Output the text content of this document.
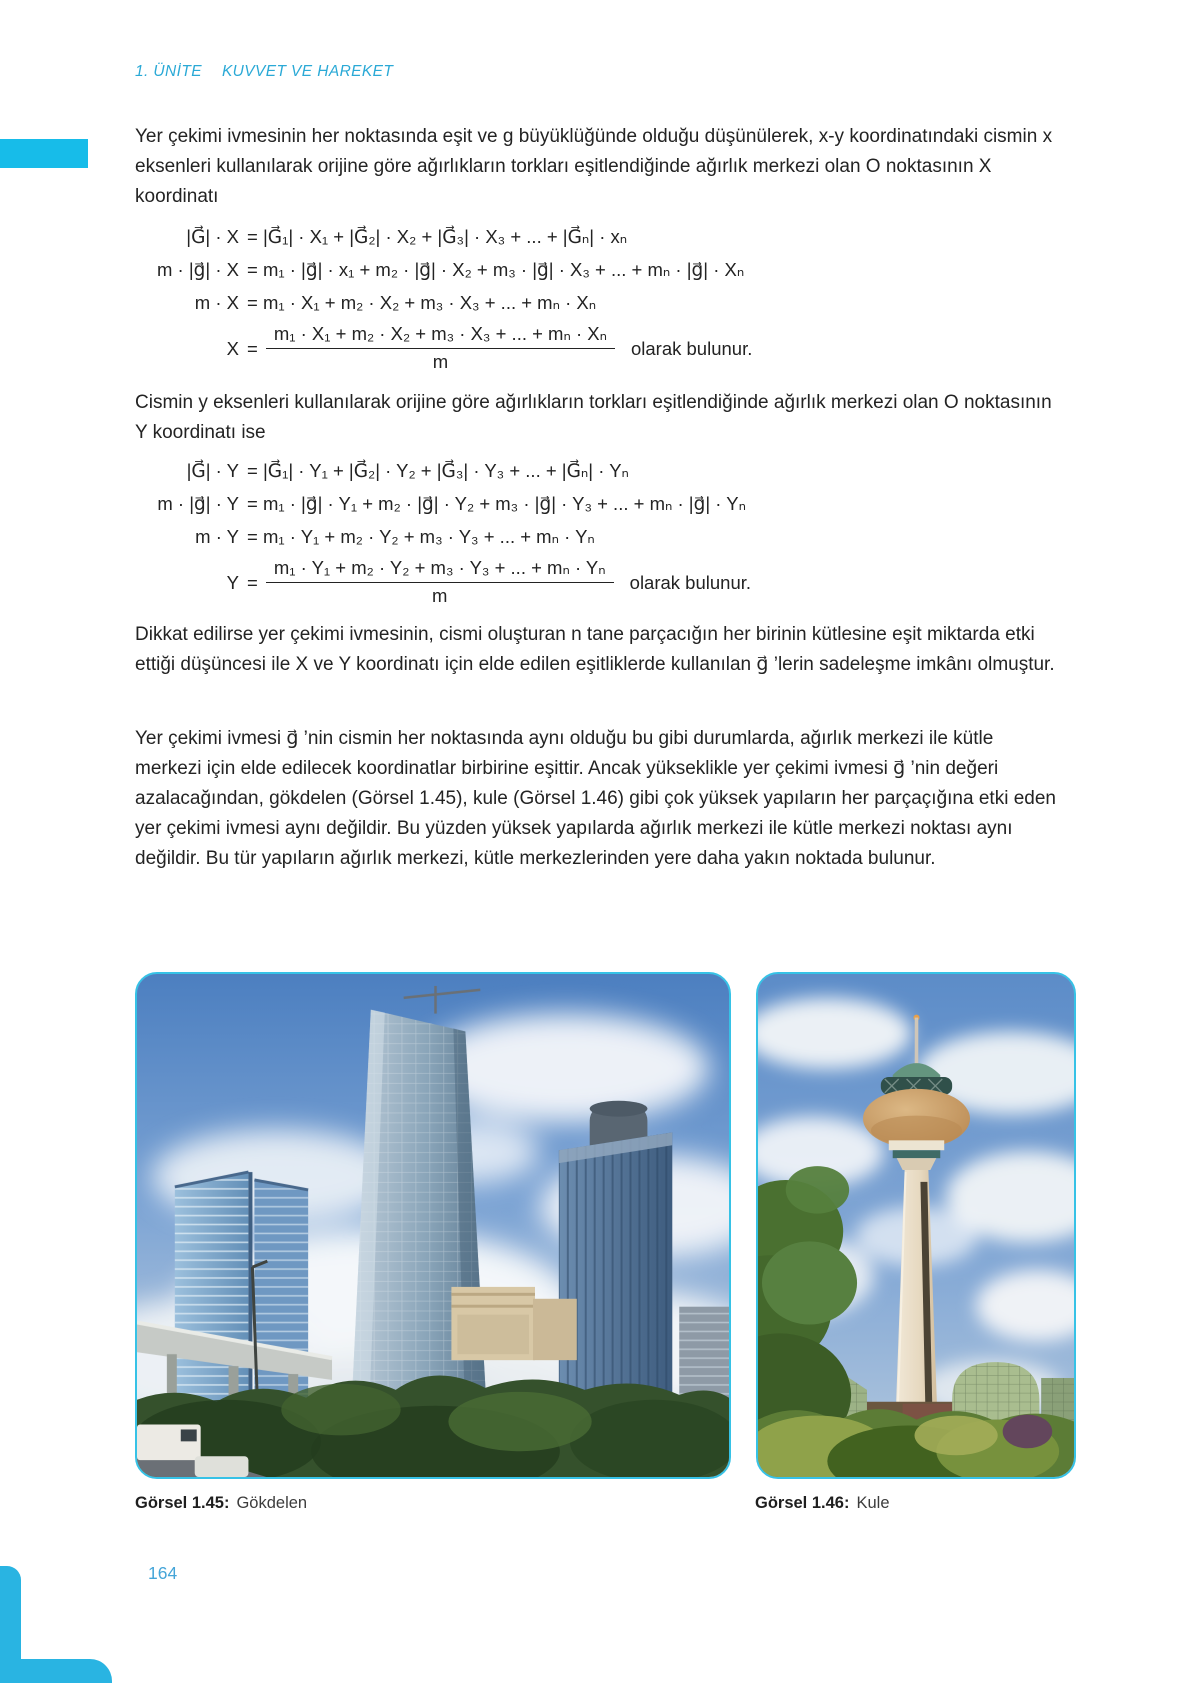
1. ÜNİTE KUVVET VE HAREKET

Yer çekimi ivmesinin her noktasında eşit ve g büyüklüğünde olduğu düşünülerek, x-y koordinatındaki cismin x eksenleri kullanılarak orijine göre ağırlıkların torkları eşitlendiğinde ağırlık merkezi olan O noktasının X koordinatı

|G⃗| · X = |G⃗₁| · X₁ + |G⃗₂| · X₂ + |G⃗₃| · X₃ + ... + |G⃗ₙ| · xₙ
m · |g⃗| · X = m₁ · |g⃗| · x₁ + m₂ · |g⃗| · X₂ + m₃ · |g⃗| · X₃ + ... + mₙ · |g⃗| · Xₙ
m · X = m₁ · X₁ + m₂ · X₂ + m₃ · X₃ + ... + mₙ · Xₙ
$X = \frac{\text{m₁ · X₁ + m₂ · X₂ + m₃ · X₃ + ... + mₙ · Xₙ}}{m}$ olarak bulunur.

Cismin y eksenleri kullanılarak orijine göre ağırlıkların torkları eşitlendiğinde ağırlık merkezi olan O noktasının Y koordinatı ise

|G⃗| · Y = |G⃗₁| · Y₁ + |G⃗₂| · Y₂ + |G⃗₃| · Y₃ + ... + |G⃗ₙ| · Yₙ
m · |g⃗| · Y = m₁ · |g⃗| · Y₁ + m₂ · |g⃗| · Y₂ + m₃ · |g⃗| · Y₃ + ... + mₙ · |g⃗| · Yₙ
m · Y = m₁ · Y₁ + m₂ · Y₂ + m₃ · Y₃ + ... + mₙ · Yₙ
$Y = \frac{\text{m₁ · Y₁ + m₂ · Y₂ + m₃ · Y₃ + ... + mₙ · Yₙ}}{m}$ olarak bulunur.

Dikkat edilirse yer çekimi ivmesinin, cismi oluşturan n tane parçacığın her birinin kütlesine eşit miktarda etki ettiği düşüncesi ile X ve Y koordinatı için elde edilen eşitliklerde kullanılan g⃗ ’lerin sadeleşme imkânı olmuştur.

Yer çekimi ivmesi g⃗ ’nin cismin her noktasında aynı olduğu bu gibi durumlarda, ağırlık merkezi ile kütle merkezi için elde edilecek koordinatlar birbirine eşittir. Ancak yükseklikle yer çekimi ivmesi g⃗ ’nin değeri azalacağından, gökdelen (Görsel 1.45), kule (Görsel 1.46) gibi çok yüksek yapıların her parçaçığına etki eden yer çekimi ivmesi aynı değildir. Bu yüzden yüksek yapılarda ağırlık merkezi ile kütle merkezi noktası aynı değildir. Bu tür yapıların ağırlık merkezi, kütle merkezlerinden yere daha yakın noktada bulunur.

Görsel 1.45: Gökdelen	Görsel 1.46: Kule
164
